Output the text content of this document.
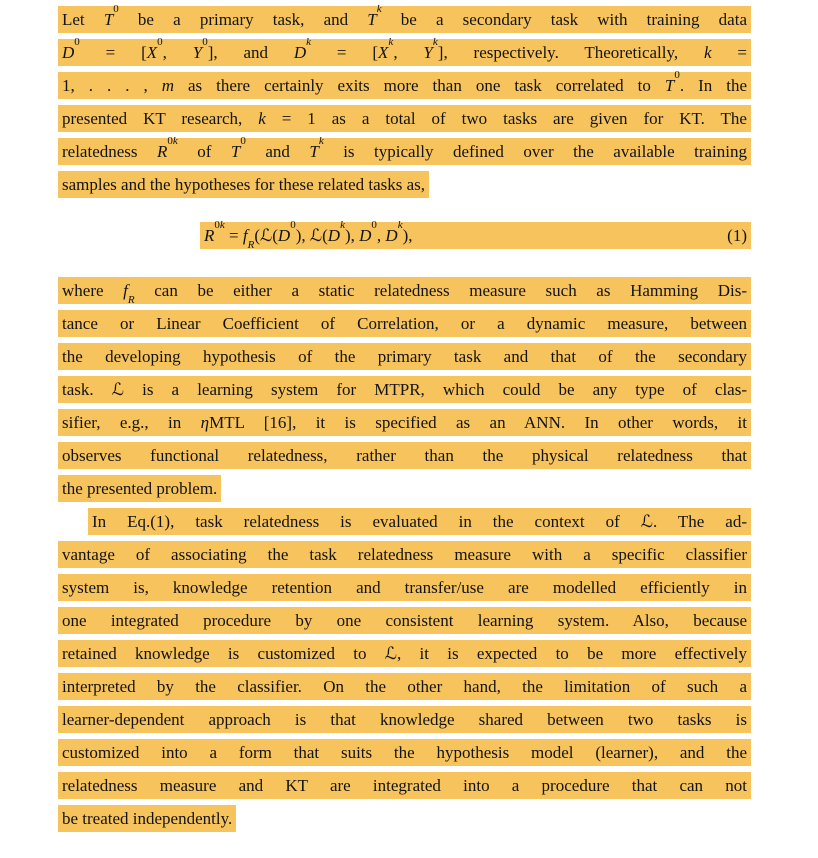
Let $T^0$ be a primary task, and $T^k$ be a secondary task with training data
$D^0 = [X^0$, $Y^0$], and $D^k = [X^k$, $Y^k$], respectively. Theoretically, k =
1, . . . , m as there certainly exits more than one task correlated to $T^0$. In the
presented KT research, k = 1 as a total of two tasks are given for KT. The
relatedness $R^{0k}$ of $T^0$ and $T^k$ is typically defined over the available training
samples and the hypotheses for these related tasks as,
$R^{0k}$ = $f_R(ℒ(D^0)$, $ℒ(D^k)$, $D^0$, $D^k$),	(1)
where $f_R$ can be either a static relatedness measure such as Hamming Dis-
tance or Linear Coefficient of Correlation, or a dynamic measure, between
the developing hypothesis of the primary task and that of the secondary
task. ℒ is a learning system for MTPR, which could be any type of clas-
sifier, e.g., in ηMTL [16], it is specified as an ANN. In other words, it
observes functional relatedness, rather than the physical relatedness that
the presented problem.
In Eq.(1), task relatedness is evaluated in the context of ℒ. The ad-
vantage of associating the task relatedness measure with a specific classifier
system is, knowledge retention and transfer/use are modelled efficiently in
one integrated procedure by one consistent learning system. Also, because
retained knowledge is customized to ℒ, it is expected to be more effectively
interpreted by the classifier. On the other hand, the limitation of such a
learner-dependent approach is that knowledge shared between two tasks is
customized into a form that suits the hypothesis model (learner), and the
relatedness measure and KT are integrated into a procedure that can not
be treated independently.
